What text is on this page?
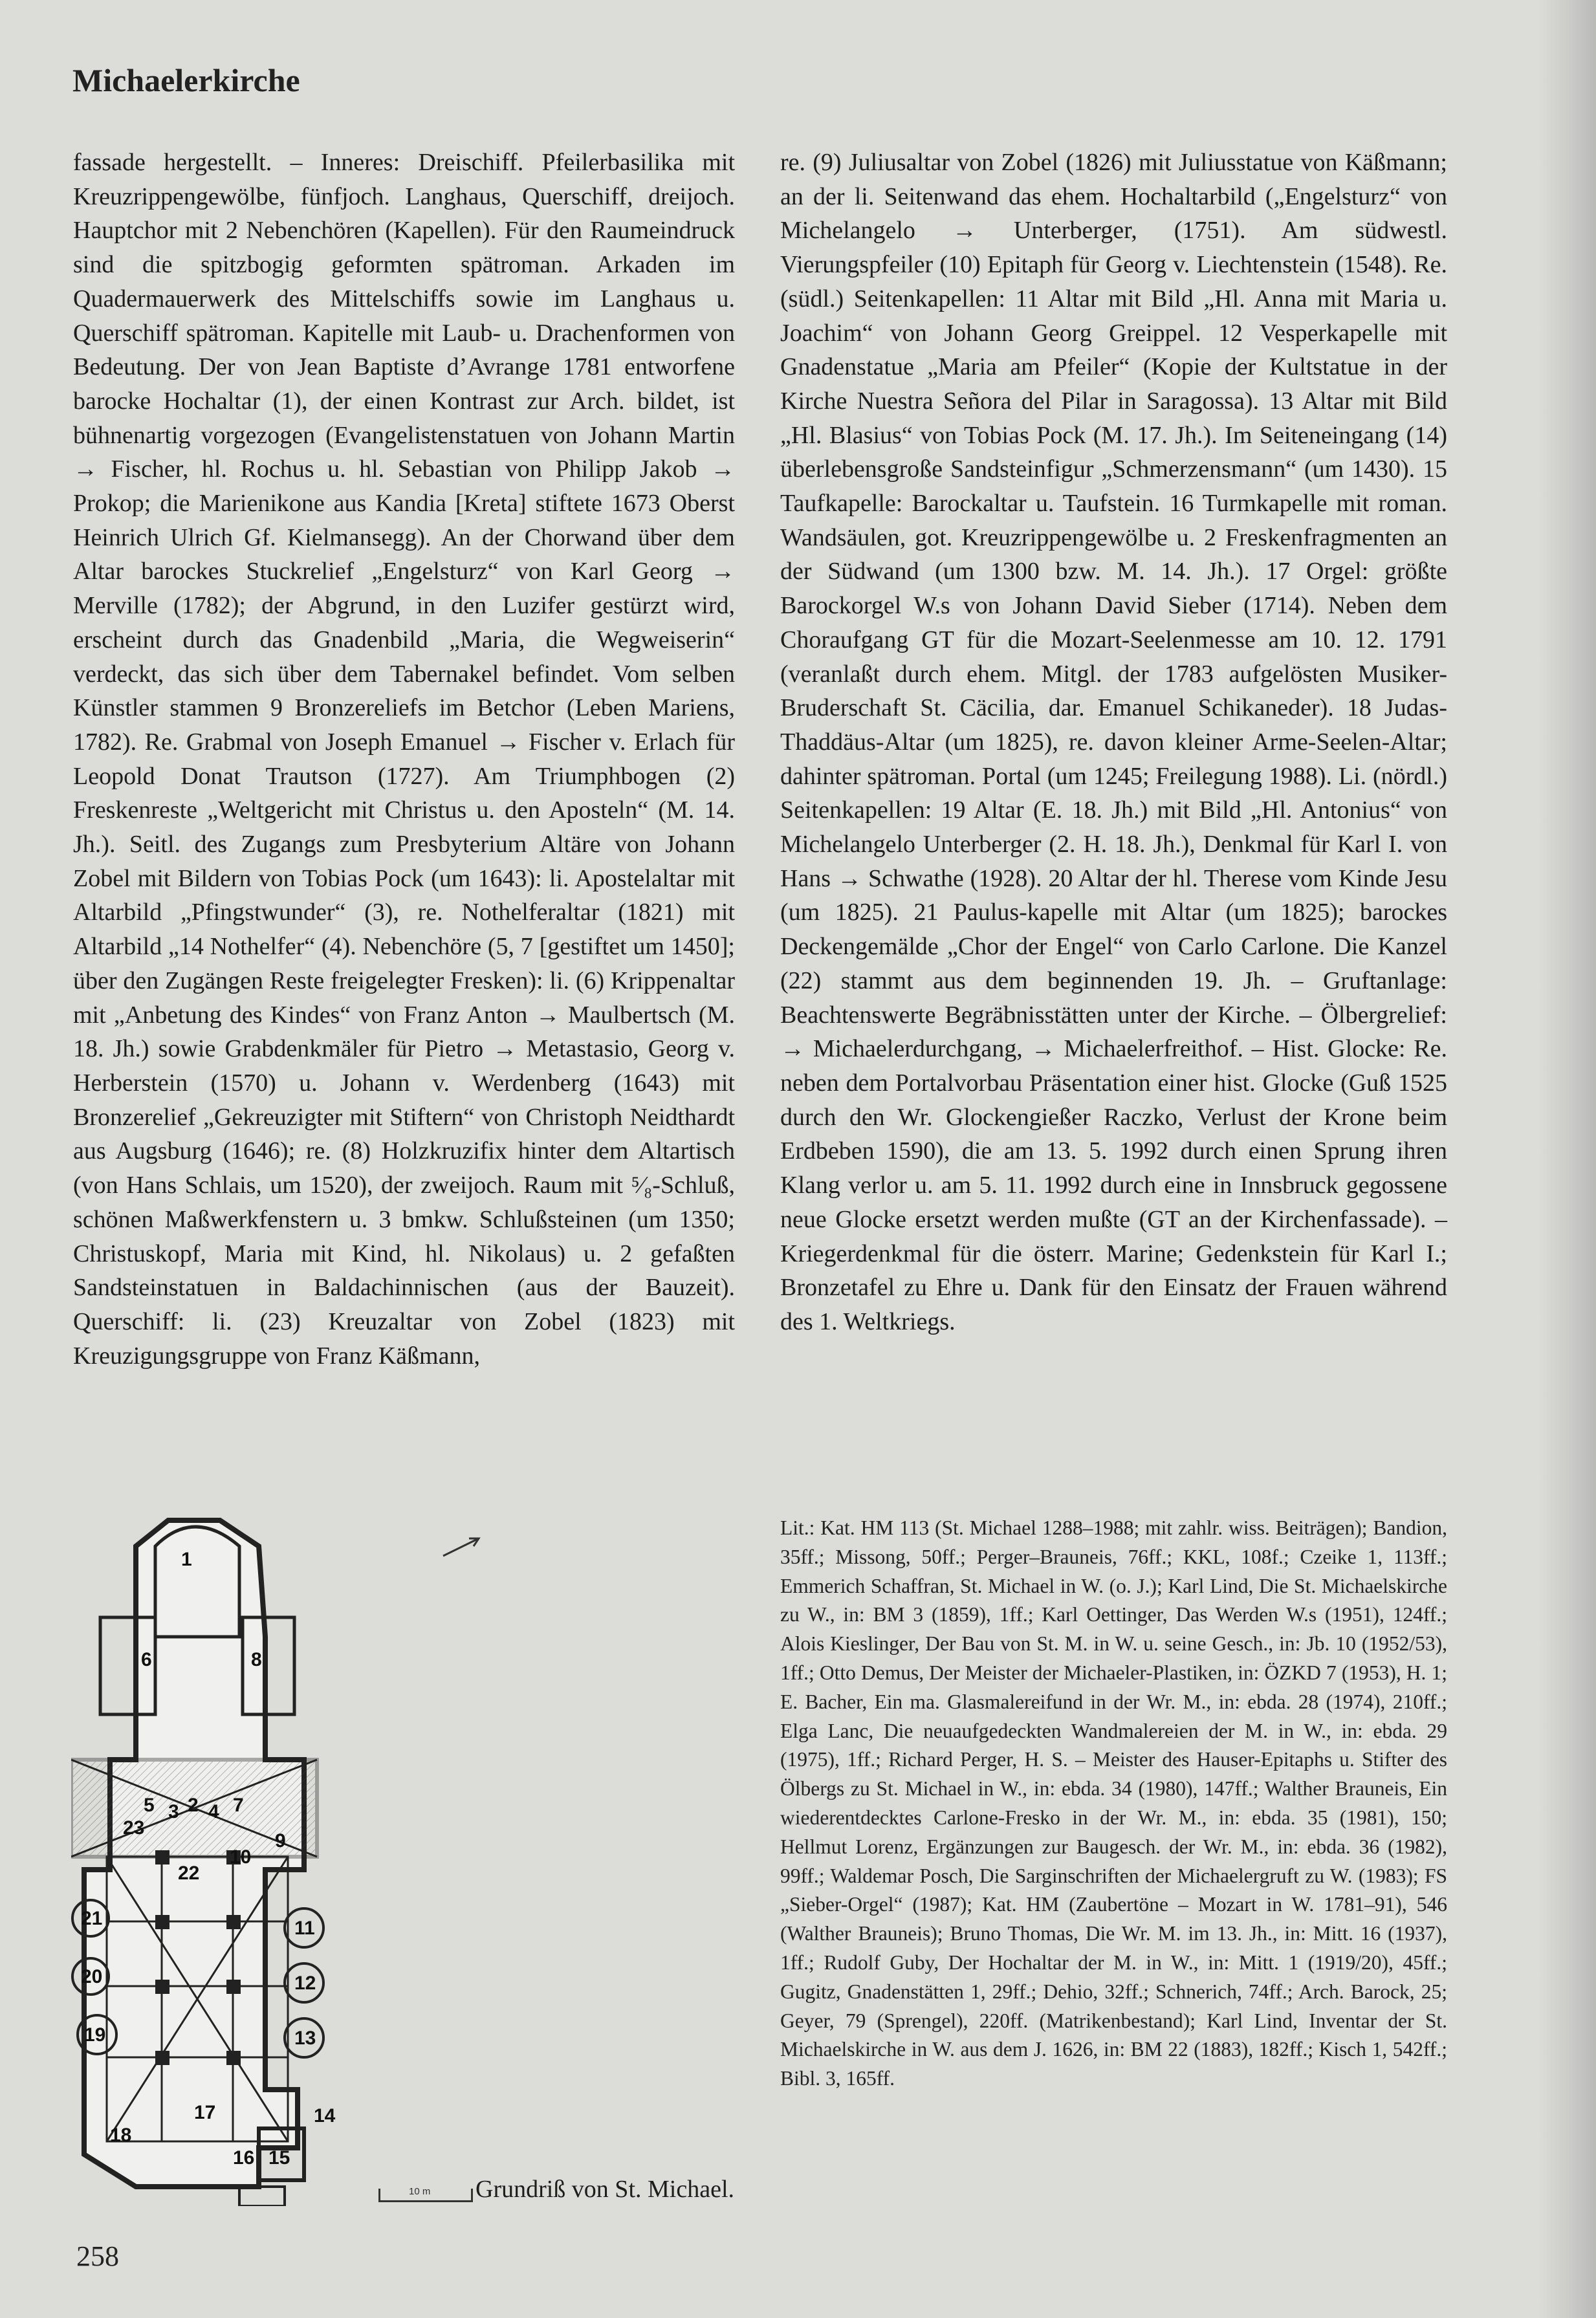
Michaelerkirche

fassade hergestellt. – Inneres: Dreischiff. Pfeilerbasilika mit Kreuzrippengewölbe, fünfjoch. Langhaus, Querschiff, dreijoch. Hauptchor mit 2 Nebenchören (Kapellen). Für den Raumeindruck sind die spitzbogig geformten spätroman. Arkaden im Quadermauerwerk des Mittelschiffs sowie im Langhaus u. Querschiff spätroman. Kapitelle mit Laub- u. Drachenformen von Bedeutung. Der von Jean Baptiste d’Avrange 1781 entworfene barocke Hochaltar (1), der einen Kontrast zur Arch. bildet, ist bühnenartig vorgezogen (Evangelistenstatuen von Johann Martin → Fischer, hl. Rochus u. hl. Sebastian von Philipp Jakob → Prokop; die Marienikone aus Kandia [Kreta] stiftete 1673 Oberst Heinrich Ulrich Gf. Kielmansegg). An der Chorwand über dem Altar barockes Stuckrelief „Engelsturz“ von Karl Georg → Merville (1782); der Abgrund, in den Luzifer gestürzt wird, erscheint durch das Gnadenbild „Maria, die Wegweiserin“ verdeckt, das sich über dem Tabernakel befindet. Vom selben Künstler stammen 9 Bronzereliefs im Betchor (Leben Mariens, 1782). Re. Grabmal von Joseph Emanuel → Fischer v. Erlach für Leopold Donat Trautson (1727). Am Triumphbogen (2) Freskenreste „Weltgericht mit Christus u. den Aposteln“ (M. 14. Jh.). Seitl. des Zugangs zum Presbyterium Altäre von Johann Zobel mit Bildern von Tobias Pock (um 1643): li. Apostelaltar mit Altarbild „Pfingstwunder“ (3), re. Nothelferaltar (1821) mit Altarbild „14 Nothelfer“ (4). Nebenchöre (5, 7 [gestiftet um 1450]; über den Zugängen Reste freigelegter Fresken): li. (6) Krippenaltar mit „Anbetung des Kindes“ von Franz Anton → Maulbertsch (M. 18. Jh.) sowie Grabdenkmäler für Pietro → Metastasio, Georg v. Herberstein (1570) u. Johann v. Werdenberg (1643) mit Bronzerelief „Gekreuzigter mit Stiftern“ von Christoph Neidthardt aus Augsburg (1646); re. (8) Holzkruzifix hinter dem Altartisch (von Hans Schlais, um 1520), der zweijoch. Raum mit ⁵⁄₈-Schluß, schönen Maßwerkfenstern u. 3 bmkw. Schlußsteinen (um 1350; Christuskopf, Maria mit Kind, hl. Nikolaus) u. 2 gefaßten Sandsteinstatuen in Baldachinnischen (aus der Bauzeit). Querschiff: li. (23) Kreuzaltar von Zobel (1823) mit Kreuzigungsgruppe von Franz Käßmann,

re. (9) Juliusaltar von Zobel (1826) mit Juliusstatue von Käßmann; an der li. Seitenwand das ehem. Hochaltarbild („Engelsturz“ von Michelangelo → Unterberger, (1751). Am südwestl. Vierungspfeiler (10) Epitaph für Georg v. Liechtenstein (1548). Re. (südl.) Seitenkapellen: 11 Altar mit Bild „Hl. Anna mit Maria u. Joachim“ von Johann Georg Greippel. 12 Vesperkapelle mit Gnadenstatue „Maria am Pfeiler“ (Kopie der Kultstatue in der Kirche Nuestra Señora del Pilar in Saragossa). 13 Altar mit Bild „Hl. Blasius“ von Tobias Pock (M. 17. Jh.). Im Seiteneingang (14) überlebensgroße Sandsteinfigur „Schmerzensmann“ (um 1430). 15 Taufkapelle: Barockaltar u. Taufstein. 16 Turmkapelle mit roman. Wandsäulen, got. Kreuzrippengewölbe u. 2 Freskenfragmenten an der Südwand (um 1300 bzw. M. 14. Jh.). 17 Orgel: größte Barockorgel W.s von Johann David Sieber (1714). Neben dem Choraufgang GT für die Mozart-Seelenmesse am 10. 12. 1791 (veranlaßt durch ehem. Mitgl. der 1783 aufgelösten Musiker-Bruderschaft St. Cäcilia, dar. Emanuel Schikaneder). 18 Judas-Thaddäus-Altar (um 1825), re. davon kleiner Arme-Seelen-Altar; dahinter spätroman. Portal (um 1245; Freilegung 1988). Li. (nördl.) Seitenkapellen: 19 Altar (E. 18. Jh.) mit Bild „Hl. Antonius“ von Michelangelo Unterberger (2. H. 18. Jh.), Denkmal für Karl I. von Hans → Schwathe (1928). 20 Altar der hl. Therese vom Kinde Jesu (um 1825). 21 Paulus-kapelle mit Altar (um 1825); barockes Deckengemälde „Chor der Engel“ von Carlo Carlone. Die Kanzel (22) stammt aus dem beginnenden 19. Jh. – Gruftanlage: Beachtenswerte Begräbnisstätten unter der Kirche. – Ölbergrelief: → Michaelerdurchgang, → Michaelerfreithof. – Hist. Glocke: Re. neben dem Portalvorbau Präsentation einer hist. Glocke (Guß 1525 durch den Wr. Glockengießer Raczko, Verlust der Krone beim Erdbeben 1590), die am 13. 5. 1992 durch einen Sprung ihren Klang verlor u. am 5. 11. 1992 durch eine in Innsbruck gegossene neue Glocke ersetzt werden mußte (GT an der Kirchenfassade). – Kriegerdenkmal für die österr. Marine; Gedenkstein für Karl I.; Bronzetafel zu Ehre u. Dank für den Einsatz der Frauen während des 1. Weltkriegs.

Lit.: Kat. HM 113 (St. Michael 1288–1988; mit zahlr. wiss. Beiträgen); Bandion, 35ff.; Missong, 50ff.; Perger–Brauneis, 76ff.; KKL, 108f.; Czeike 1, 113ff.; Emmerich Schaffran, St. Michael in W. (o. J.); Karl Lind, Die St. Michaelskirche zu W., in: BM 3 (1859), 1ff.; Karl Oettinger, Das Werden W.s (1951), 124ff.; Alois Kieslinger, Der Bau von St. M. in W. u. seine Gesch., in: Jb. 10 (1952/53), 1ff.; Otto Demus, Der Meister der Michaeler-Plastiken, in: ÖZKD 7 (1953), H. 1; E. Bacher, Ein ma. Glasmalereifund in der Wr. M., in: ebda. 28 (1974), 210ff.; Elga Lanc, Die neuaufgedeckten Wandmalereien der M. in W., in: ebda. 29 (1975), 1ff.; Richard Perger, H. S. – Meister des Hauser-Epitaphs u. Stifter des Ölbergs zu St. Michael in W., in: ebda. 34 (1980), 147ff.; Walther Brauneis, Ein wiederentdecktes Carlone-Fresko in der Wr. M., in: ebda. 35 (1981), 150; Hellmut Lorenz, Ergänzungen zur Baugesch. der Wr. M., in: ebda. 36 (1982), 99ff.; Waldemar Posch, Die Sarginschriften der Michaelergruft zu W. (1983); FS „Sieber-Orgel“ (1987); Kat. HM (Zaubertöne – Mozart in W. 1781–91), 546 (Walther Brauneis); Bruno Thomas, Die Wr. M. im 13. Jh., in: Mitt. 16 (1937), 1ff.; Rudolf Guby, Der Hochaltar der M. in W., in: Mitt. 1 (1919/20), 45ff.; Gugitz, Gnadenstätten 1, 29ff.; Dehio, 32ff.; Schnerich, 74ff.; Arch. Barock, 25; Geyer, 79 (Sprengel), 220ff. (Matrikenbestand); Karl Lind, Inventar der St. Michaelskirche in W. aus dem J. 1626, in: BM 22 (1883), 182ff.; Kisch 1, 542ff.; Bibl. 3, 165ff.

1
2
3 4
5
6
7
8
9
10
11
12
13
14
15
16
17
18
19
20
21
22
23
10 m Grundriß von St. Michael.
258
